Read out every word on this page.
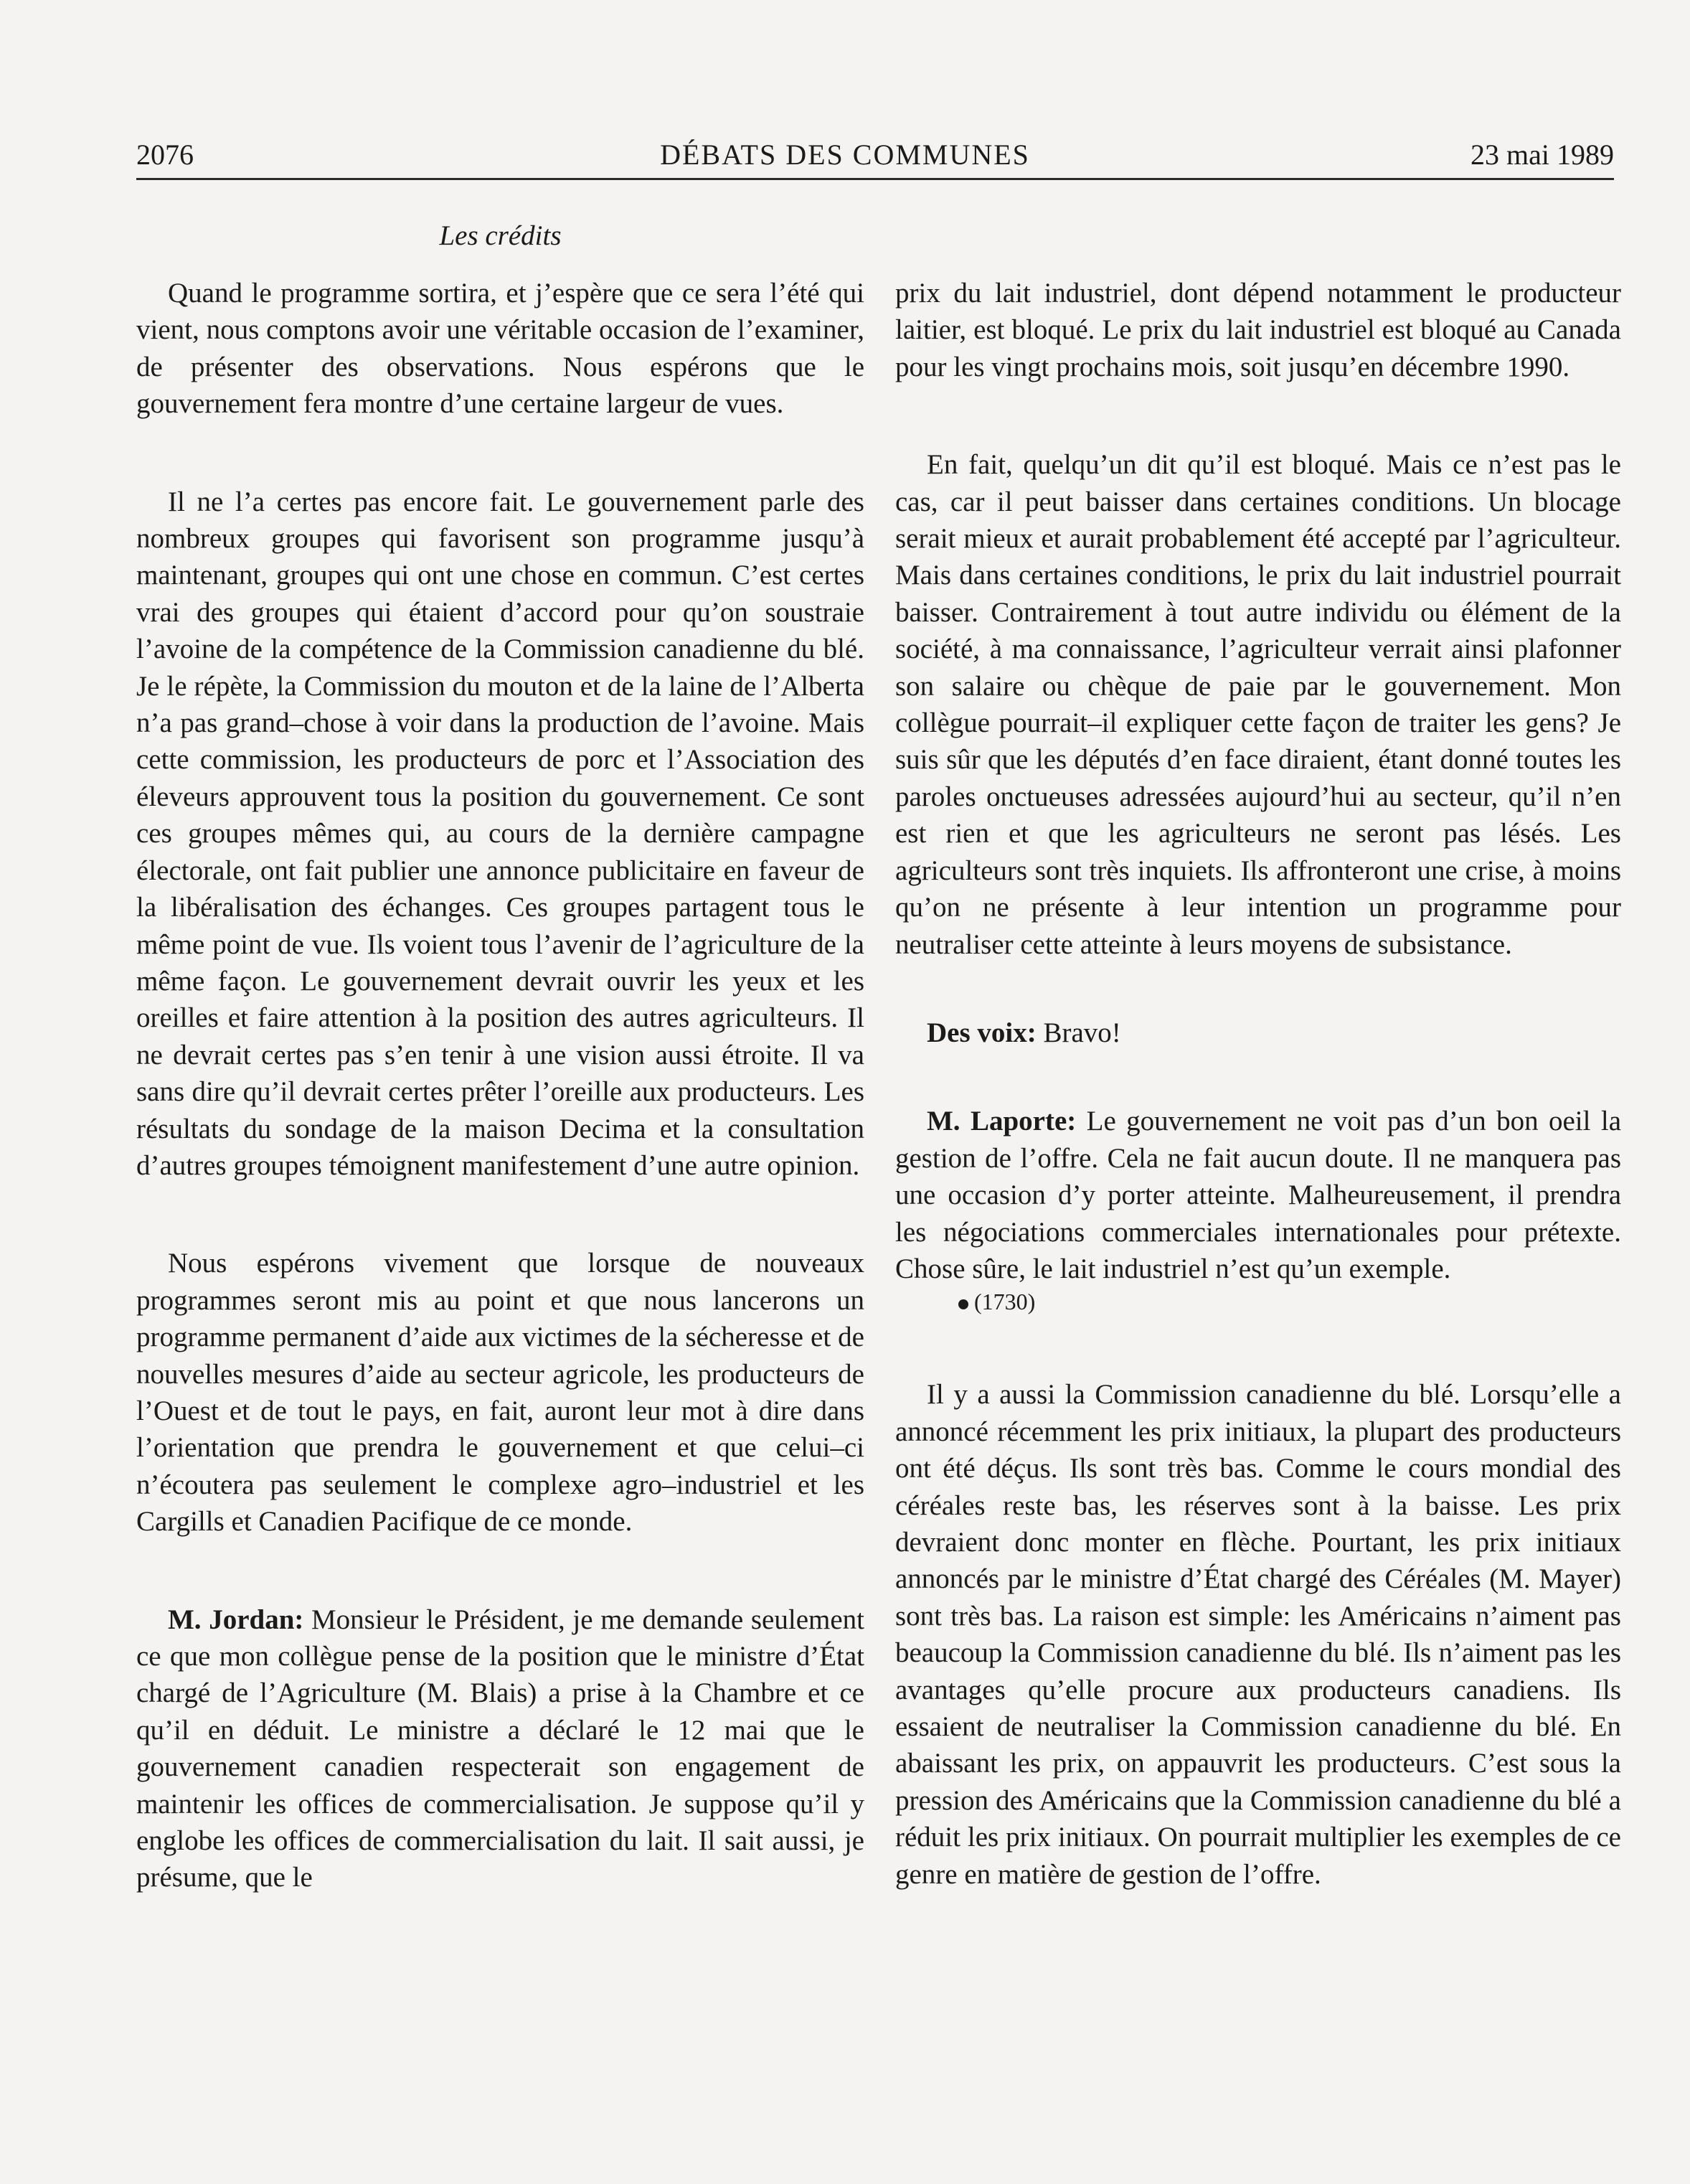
2076	DÉBATS DES COMMUNES	23 mai 1989
Les crédits

Quand le programme sortira, et j’espère que ce sera l’été qui vient, nous comptons avoir une véritable occasion de l’examiner, de présenter des observations. Nous espérons que le gouvernement fera montre d’une certaine largeur de vues.

Il ne l’a certes pas encore fait. Le gouvernement parle des nombreux groupes qui favorisent son programme jusqu’à maintenant, groupes qui ont une chose en commun. C’est certes vrai des groupes qui étaient d’accord pour qu’on soustraie l’avoine de la compétence de la Commission canadienne du blé. Je le répète, la Commission du mouton et de la laine de l’Alberta n’a pas grand–chose à voir dans la production de l’avoine. Mais cette commission, les producteurs de porc et l’Association des éleveurs approuvent tous la position du gouvernement. Ce sont ces groupes mêmes qui, au cours de la dernière campagne électorale, ont fait publier une annonce publicitaire en faveur de la libéralisation des échanges. Ces groupes partagent tous le même point de vue. Ils voient tous l’avenir de l’agriculture de la même façon. Le gouvernement devrait ouvrir les yeux et les oreilles et faire attention à la position des autres agriculteurs. Il ne devrait certes pas s’en tenir à une vision aussi étroite. Il va sans dire qu’il devrait certes prêter l’oreille aux producteurs. Les résultats du sondage de la maison Decima et la consultation d’autres groupes témoignent manifestement d’une autre opinion.

Nous espérons vivement que lorsque de nouveaux programmes seront mis au point et que nous lancerons un programme permanent d’aide aux victimes de la sécheresse et de nouvelles mesures d’aide au secteur agricole, les producteurs de l’Ouest et de tout le pays, en fait, auront leur mot à dire dans l’orientation que prendra le gouvernement et que celui–ci n’écoutera pas seulement le complexe agro–industriel et les Cargills et Canadien Pacifique de ce monde.

M. Jordan: Monsieur le Président, je me demande seulement ce que mon collègue pense de la position que le ministre d’État chargé de l’Agriculture (M. Blais) a prise à la Chambre et ce qu’il en déduit. Le ministre a déclaré le 12 mai que le gouvernement canadien respecterait son engagement de maintenir les offices de commercialisation. Je suppose qu’il y englobe les offices de commercialisation du lait. Il sait aussi, je présume, que le

prix du lait industriel, dont dépend notamment le producteur laitier, est bloqué. Le prix du lait industriel est bloqué au Canada pour les vingt prochains mois, soit jusqu’en décembre 1990.

En fait, quelqu’un dit qu’il est bloqué. Mais ce n’est pas le cas, car il peut baisser dans certaines conditions. Un blocage serait mieux et aurait probablement été accepté par l’agriculteur. Mais dans certaines conditions, le prix du lait industriel pourrait baisser. Contrairement à tout autre individu ou élément de la société, à ma connaissance, l’agriculteur verrait ainsi plafonner son salaire ou chèque de paie par le gouvernement. Mon collègue pourrait–il expliquer cette façon de traiter les gens? Je suis sûr que les députés d’en face diraient, étant donné toutes les paroles onctueuses adressées aujourd’hui au secteur, qu’il n’en est rien et que les agriculteurs ne seront pas lésés. Les agriculteurs sont très inquiets. Ils affronteront une crise, à moins qu’on ne présente à leur intention un programme pour neutraliser cette atteinte à leurs moyens de subsistance.

Des voix: Bravo!

M. Laporte: Le gouvernement ne voit pas d’un bon oeil la gestion de l’offre. Cela ne fait aucun doute. Il ne manquera pas une occasion d’y porter atteinte. Malheureusement, il prendra les négociations commerciales internationales pour prétexte. Chose sûre, le lait industriel n’est qu’un exemple.

(1730)

Il y a aussi la Commission canadienne du blé. Lorsqu’elle a annoncé récemment les prix initiaux, la plupart des producteurs ont été déçus. Ils sont très bas. Comme le cours mondial des céréales reste bas, les réserves sont à la baisse. Les prix devraient donc monter en flèche. Pourtant, les prix initiaux annoncés par le ministre d’État chargé des Céréales (M. Mayer) sont très bas. La raison est simple: les Américains n’aiment pas beaucoup la Commission canadienne du blé. Ils n’aiment pas les avantages qu’elle procure aux producteurs canadiens. Ils essaient de neutraliser la Commission canadienne du blé. En abaissant les prix, on appauvrit les producteurs. C’est sous la pression des Américains que la Commission canadienne du blé a réduit les prix initiaux. On pourrait multiplier les exemples de ce genre en matière de gestion de l’offre.
